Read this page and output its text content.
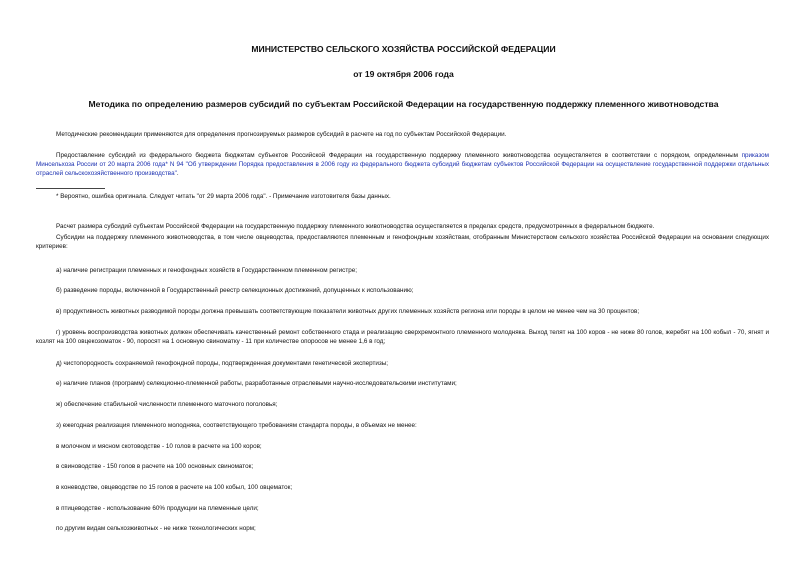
МИНИСТЕРСТВО СЕЛЬСКОГО ХОЗЯЙСТВА РОССИЙСКОЙ ФЕДЕРАЦИИ
от 19 октября 2006 года
Методика по определению размеров субсидий по субъектам Российской Федерации на государственную поддержку племенного животноводства
Методические рекомендации применяются для определения прогнозируемых размеров субсидий в расчете на год по субъектам Российской Федерации.
Предоставление субсидий из федерального бюджета бюджетам субъектов Российской Федерации на государственную поддержку племенного животноводства осуществляется в соответствии с порядком, определенным приказом Минсельхоза России от 20 марта 2006 года* N 94 "Об утверждении Порядка предоставления в 2006 году из федерального бюджета субсидий бюджетам субъектов Российской Федерации на осуществление государственной поддержки отдельных отраслей сельскохозяйственного производства".
* Вероятно, ошибка оригинала. Следует читать "от 29 марта 2006 года". - Примечание изготовителя базы данных.
Расчет размера субсидий субъектам Российской Федерации на государственную поддержку племенного животноводства осуществляется в пределах средств, предусмотренных в федеральном бюджете.
Субсидии на поддержку племенного животноводства, в том числе овцеводства, предоставляются племенным и генофондным хозяйствам, отобранным Министерством сельского хозяйства Российской Федерации на основании следующих критериев:
а) наличие регистрации племенных и генофондных хозяйств в Государственном племенном регистре;
б) разведение породы, включенной в Государственный реестр селекционных достижений, допущенных к использованию;
в) продуктивность животных разводимой породы должна превышать соответствующие показатели животных других племенных хозяйств региона или породы в целом не менее чем на 30 процентов;
г) уровень воспроизводства животных должен обеспечивать качественный ремонт собственного стада и реализацию сверхремонтного племенного молодняка. Выход телят на 100 коров - не ниже 80 голов, жеребят на 100 кобыл - 70, ягнят и козлят на 100 овцекозоматок - 90, поросят на 1 основную свиноматку - 11 при количестве опоросов не менее 1,6 в год;
д) чистопородность сохраняемой генофондной породы, подтвержденная документами генетической экспертизы;
е) наличие планов (программ) селекционно-племенной работы, разработанные отраслевыми научно-исследовательскими институтами;
ж) обеспечение стабильной численности племенного маточного поголовья;
з) ежегодная реализация племенного молодняка, соответствующего требованиям стандарта породы, в объемах не менее:
в молочном и мясном скотоводстве - 10 голов в расчете на 100 коров;
в свиноводстве - 150 голов в расчете на 100 основных свиноматок;
в коневодстве, овцеводстве по 15 голов в расчете на 100 кобыл, 100 овцематок;
в птицеводстве - использование 60% продукции на племенные цели;
по другим видам сельхозживотных - не ниже технологических норм;
